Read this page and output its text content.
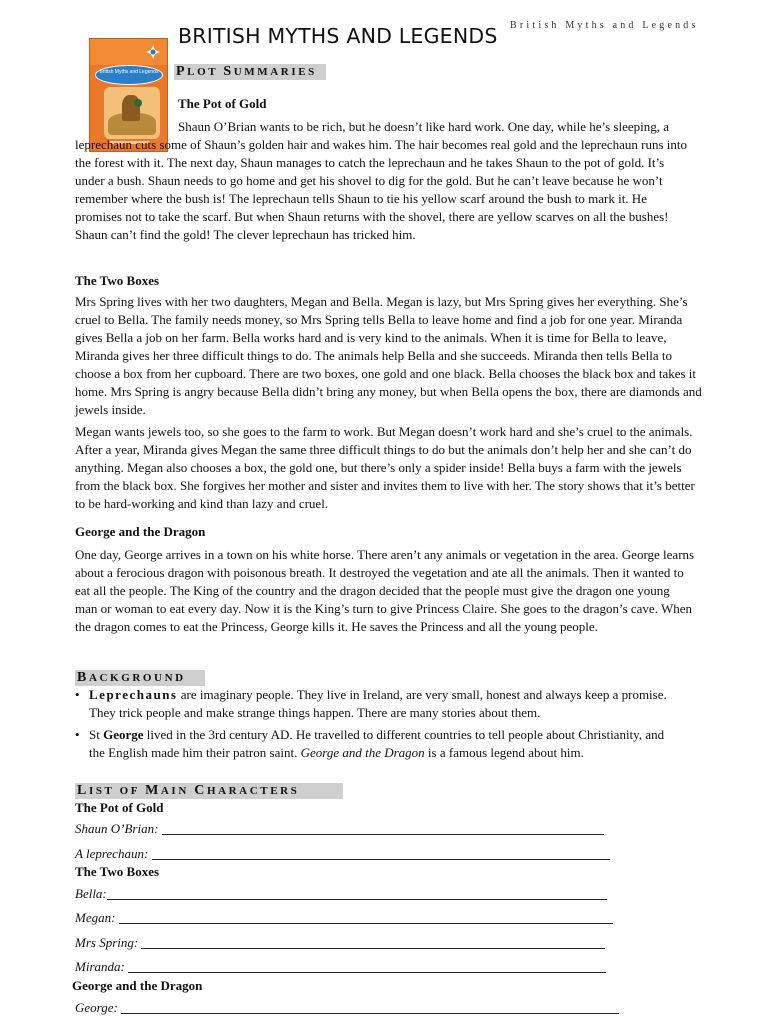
British Myths and Legends
British Myths and Legends
BRITISH MYTHS AND LEGENDS
PLOT SUMMARIES
The Pot of Gold

Shaun O’Brian wants to be rich, but he doesn’t like hard work. One day, while he’s sleeping, a leprechaun cuts some of Shaun’s golden hair and wakes him. The hair becomes real gold and the leprechaun runs into the forest with it. The next day, Shaun manages to catch the leprechaun and he takes Shaun to the pot of gold. It’s under a bush. Shaun needs to go home and get his shovel to dig for the gold. But he can’t leave because he won’t remember where the bush is! The leprechaun tells Shaun to tie his yellow scarf around the bush to mark it. He promises not to take the scarf. But when Shaun returns with the shovel, there are yellow scarves on all the bushes! Shaun can’t find the gold! The clever leprechaun has tricked him.

The Two Boxes

Mrs Spring lives with her two daughters, Megan and Bella. Megan is lazy, but Mrs Spring gives her everything. She’s cruel to Bella. The family needs money, so Mrs Spring tells Bella to leave home and find a job for one year. Miranda gives Bella a job on her farm. Bella works hard and is very kind to the animals. When it is time for Bella to leave, Miranda gives her three difficult things to do. The animals help Bella and she succeeds. Miranda then tells Bella to choose a box from her cupboard. There are two boxes, one gold and one black. Bella chooses the black box and takes it home. Mrs Spring is angry because Bella didn’t bring any money, but when Bella opens the box, there are diamonds and jewels inside.

Megan wants jewels too, so she goes to the farm to work. But Megan doesn’t work hard and she’s cruel to the animals. After a year, Miranda gives Megan the same three difficult things to do but the animals don’t help her and she can’t do anything. Megan also chooses a box, the gold one, but there’s only a spider inside! Bella buys a farm with the jewels from the black box. She forgives her mother and sister and invites them to live with her. The story shows that it’s better to be hard-working and kind than lazy and cruel.

George and the Dragon

One day, George arrives in a town on his white horse. There aren’t any animals or vegetation in the area. George learns about a ferocious dragon with poisonous breath. It destroyed the vegetation and ate all the animals. Then it wanted to eat all the people. The King of the country and the dragon decided that the people must give the dragon one young man or woman to eat every day. Now it is the King’s turn to give Princess Claire. She goes to the dragon’s cave. When the dragon comes to eat the Princess, George kills it. He saves the Princess and all the young people.

BACKGROUND
• Leprechauns are imaginary people. They live in Ireland, are very small, honest and always keep a promise. They trick people and make strange things happen. There are many stories about them.
• St George lived in the 3rd century AD. He travelled to different countries to tell people about Christianity, and the English made him their patron saint. George and the Dragon is a famous legend about him.
LIST OF MAIN CHARACTERS
The Pot of Gold
Shaun O’Brian:
A leprechaun:
The Two Boxes
Bella:
Megan:
Mrs Spring:
Miranda:
George and the Dragon
George:
